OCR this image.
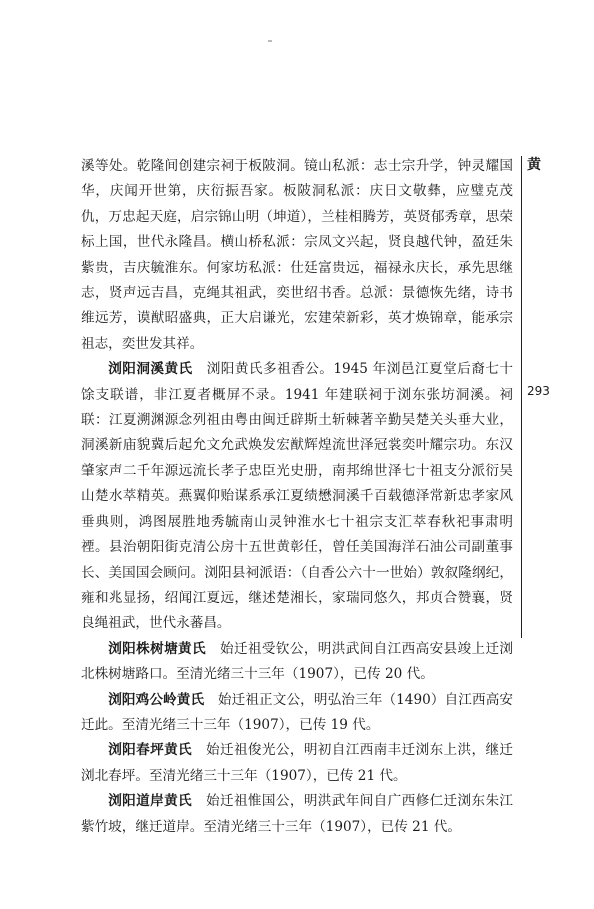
溪等处。乾隆间创建宗祠于板陂洞。镜山私派：志士宗升学，钟灵耀国华，庆闻开世第，庆衍振吾家。板陂洞私派：庆日文敬彝，应璧克茂仇，万忠起天庭，启宗锦山明（坤道），兰桂相腾芳，英贤郁秀章，思荣标上国，世代永隆昌。横山桥私派：宗凤文兴起，贤良越代钟，盈廷朱紫贵，吉庆毓淮东。何家坊私派：仕廷富贵远，福禄永庆长，承先思继志，贤声远吉昌，克绳其祖武，奕世绍书香。总派：景德恢先绪，诗书维远芳，谟猷昭盛典，正大启谦光，宏建荣新彩，英才焕锦章，能承宗祖志，奕世发其祥。

浏阳洞溪黄氏　 浏阳黄氏多祖香公。1945 年浏邑江夏堂后裔七十馀支联谱，非江夏者概屏不录。1941 年建联祠于浏东张坊洞溪。祠联：江夏溯渊源念列祖由粤由闽迁辟斯土斩棘著辛勤吴楚关头垂大业，洞溪新庙貌冀后起允文允武焕发宏猷辉煌流世泽冠裳奕叶耀宗功。东汉肇家声二千年源远流长孝子忠臣光史册，南邦绵世泽七十祖支分派衍吴山楚水萃精英。燕翼仰贻谋系承江夏绩懋洞溪千百载德泽常新忠孝家风垂典则，鸿图展胜地秀毓南山灵钟淮水七十祖宗支汇萃春秋祀事肃明禋。县治朝阳街克清公房十五世黄彰任，曾任美国海洋石油公司副董事长、美国国会顾问。浏阳县祠派语：（自香公六十一世始）敦叙隆纲纪，雍和兆显扬，绍闻江夏远，继述楚湘长，家瑞同悠久，邦贞合赞襄，贤良绳祖武，世代永蕃昌。

浏阳株树塘黄氏　 始迁祖受钦公，明洪武间自江西高安县竣上迁浏北株树塘路口。至清光绪三十三年（1907），已传 20 代。

浏阳鸡公岭黄氏　 始迁祖正文公，明弘治三年（1490）自江西高安迁此。至清光绪三十三年（1907），已传 19 代。

浏阳春坪黄氏　 始迁祖俊光公，明初自江西南丰迁浏东上洪，继迁浏北春坪。至清光绪三十三年（1907），已传 21 代。

浏阳道岸黄氏　 始迁祖惟国公，明洪武年间自广西修仁迁浏东朱江紫竹坡，继迁道岸。至清光绪三十三年（1907），已传 21 代。

黄
293
